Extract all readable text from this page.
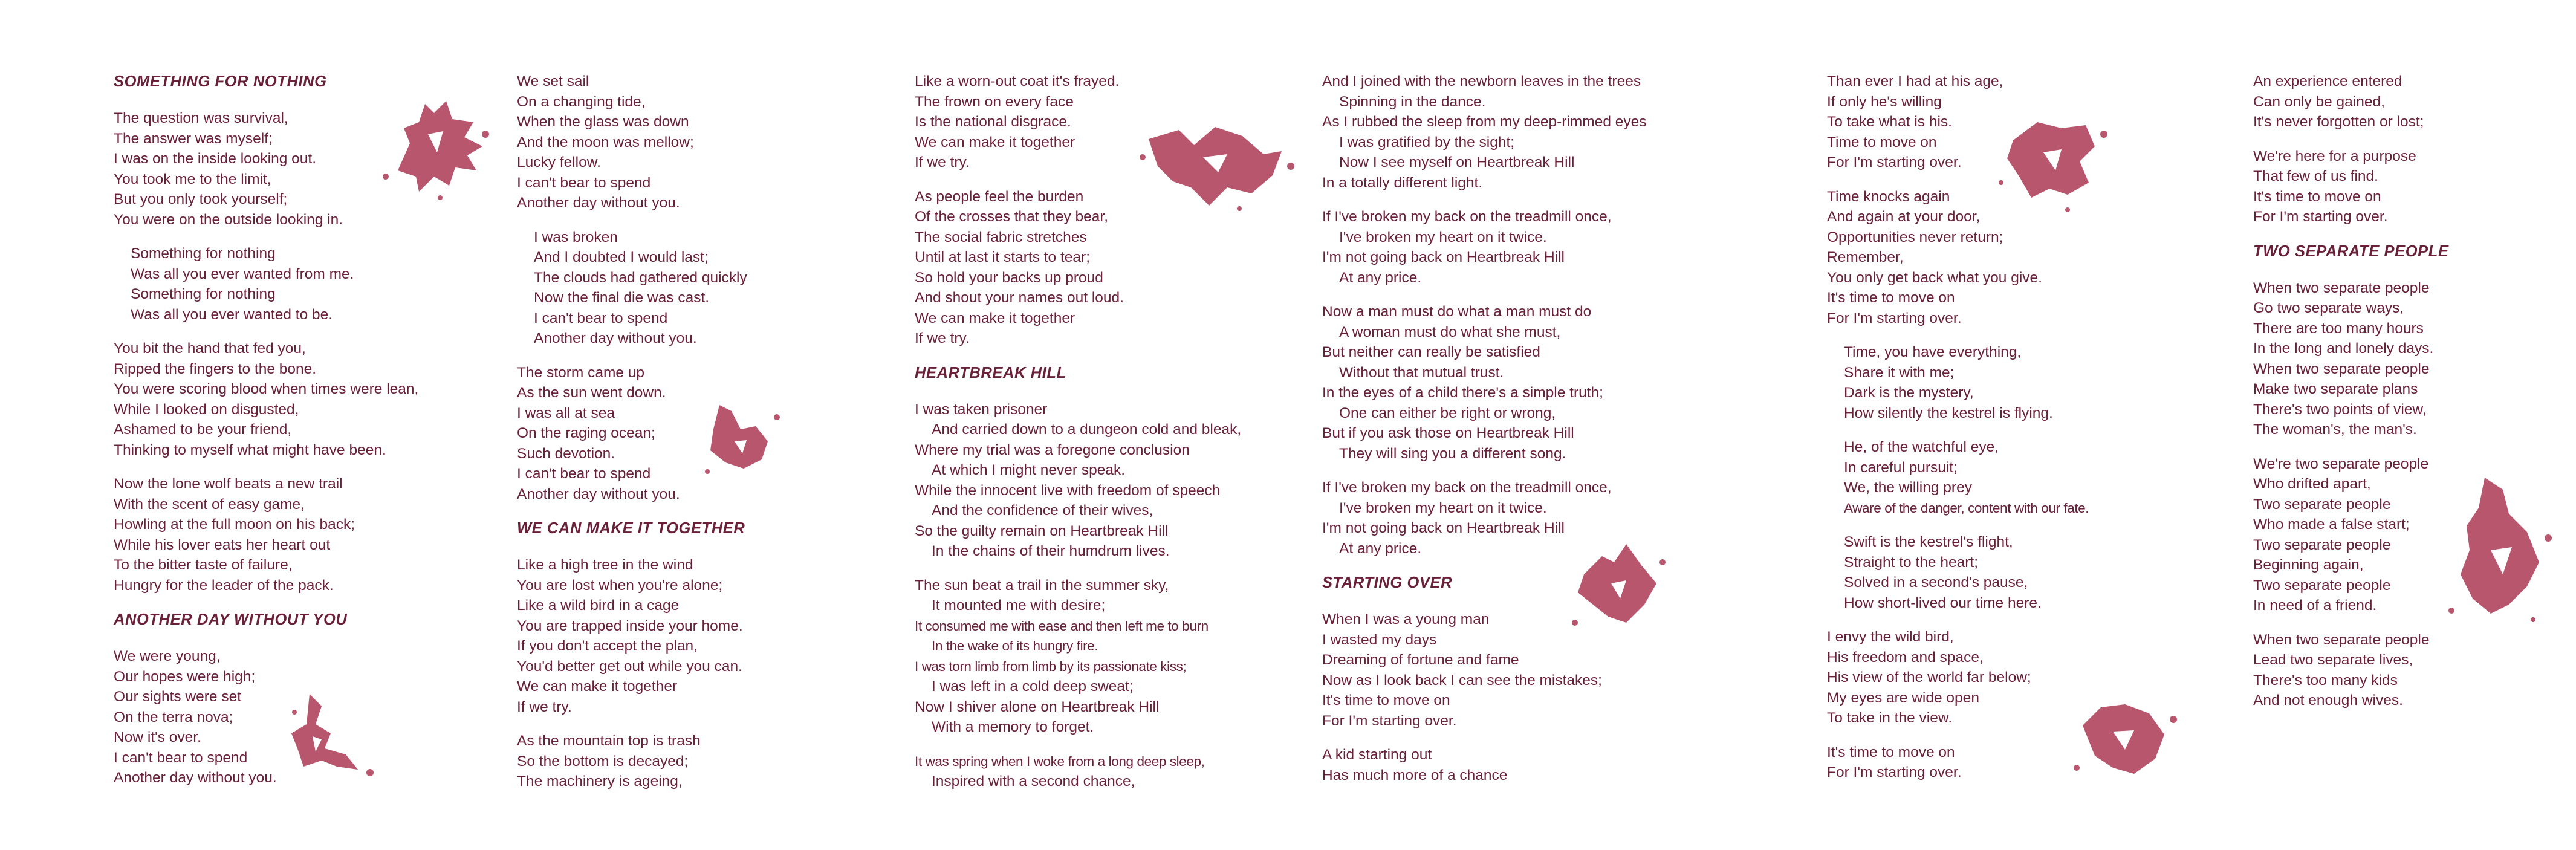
SOMETHING FOR NOTHING
The question was survival,
The answer was myself;
I was on the inside looking out.
You took me to the limit,
But you only took yourself;
You were on the outside looking in.
Something for nothing
Was all you ever wanted from me.
Something for nothing
Was all you ever wanted to be.
You bit the hand that fed you,
Ripped the fingers to the bone.
You were scoring blood when times were lean,
While I looked on disgusted,
Ashamed to be your friend,
Thinking to myself what might have been.
Now the lone wolf beats a new trail
With the scent of easy game,
Howling at the full moon on his back;
While his lover eats her heart out
To the bitter taste of failure,
Hungry for the leader of the pack.
ANOTHER DAY WITHOUT YOU
We were young,
Our hopes were high;
Our sights were set
On the terra nova;
Now it's over.
I can't bear to spend
Another day without you.
We set sail
On a changing tide,
When the glass was down
And the moon was mellow;
Lucky fellow.
I can't bear to spend
Another day without you.
I was broken
And I doubted I would last;
The clouds had gathered quickly
Now the final die was cast.
I can't bear to spend
Another day without you.
The storm came up
As the sun went down.
I was all at sea
On the raging ocean;
Such devotion.
I can't bear to spend
Another day without you.
WE CAN MAKE IT TOGETHER
Like a high tree in the wind
You are lost when you're alone;
Like a wild bird in a cage
You are trapped inside your home.
If you don't accept the plan,
You'd better get out while you can.
We can make it together
If we try.
As the mountain top is trash
So the bottom is decayed;
The machinery is ageing,
Like a worn-out coat it's frayed.
The frown on every face
Is the national disgrace.
We can make it together
If we try.
As people feel the burden
Of the crosses that they bear,
The social fabric stretches
Until at last it starts to tear;
So hold your backs up proud
And shout your names out loud.
We can make it together
If we try.
HEARTBREAK HILL
I was taken prisoner
And carried down to a dungeon cold and bleak,
Where my trial was a foregone conclusion
At which I might never speak.
While the innocent live with freedom of speech
And the confidence of their wives,
So the guilty remain on Heartbreak Hill
In the chains of their humdrum lives.
The sun beat a trail in the summer sky,
It mounted me with desire;
It consumed me with ease and then left me to burn
In the wake of its hungry fire.
I was torn limb from limb by its passionate kiss;
I was left in a cold deep sweat;
Now I shiver alone on Heartbreak Hill
With a memory to forget.
It was spring when I woke from a long deep sleep,
Inspired with a second chance,
And I joined with the newborn leaves in the trees
Spinning in the dance.
As I rubbed the sleep from my deep-rimmed eyes
I was gratified by the sight;
Now I see myself on Heartbreak Hill
In a totally different light.
If I've broken my back on the treadmill once,
I've broken my heart on it twice.
I'm not going back on Heartbreak Hill
At any price.
Now a man must do what a man must do
A woman must do what she must,
But neither can really be satisfied
Without that mutual trust.
In the eyes of a child there's a simple truth;
One can either be right or wrong,
But if you ask those on Heartbreak Hill
They will sing you a different song.
If I've broken my back on the treadmill once,
I've broken my heart on it twice.
I'm not going back on Heartbreak Hill
At any price.
STARTING OVER
When I was a young man
I wasted my days
Dreaming of fortune and fame
Now as I look back I can see the mistakes;
It's time to move on
For I'm starting over.
A kid starting out
Has much more of a chance
Than ever I had at his age,
If only he's willing
To take what is his.
Time to move on
For I'm starting over.
Time knocks again
And again at your door,
Opportunities never return;
Remember,
You only get back what you give.
It's time to move on
For I'm starting over.
Time, you have everything,
Share it with me;
Dark is the mystery,
How silently the kestrel is flying.
He, of the watchful eye,
In careful pursuit;
We, the willing prey
Aware of the danger, content with our fate.
Swift is the kestrel's flight,
Straight to the heart;
Solved in a second's pause,
How short-lived our time here.
I envy the wild bird,
His freedom and space,
His view of the world far below;
My eyes are wide open
To take in the view.
It's time to move on
For I'm starting over.
An experience entered
Can only be gained,
It's never forgotten or lost;
We're here for a purpose
That few of us find.
It's time to move on
For I'm starting over.
TWO SEPARATE PEOPLE
When two separate people
Go two separate ways,
There are too many hours
In the long and lonely days.
When two separate people
Make two separate plans
There's two points of view,
The woman's, the man's.
We're two separate people
Who drifted apart,
Two separate people
Who made a false start;
Two separate people
Beginning again,
Two separate people
In need of a friend.
When two separate people
Lead two separate lives,
There's too many kids
And not enough wives.
